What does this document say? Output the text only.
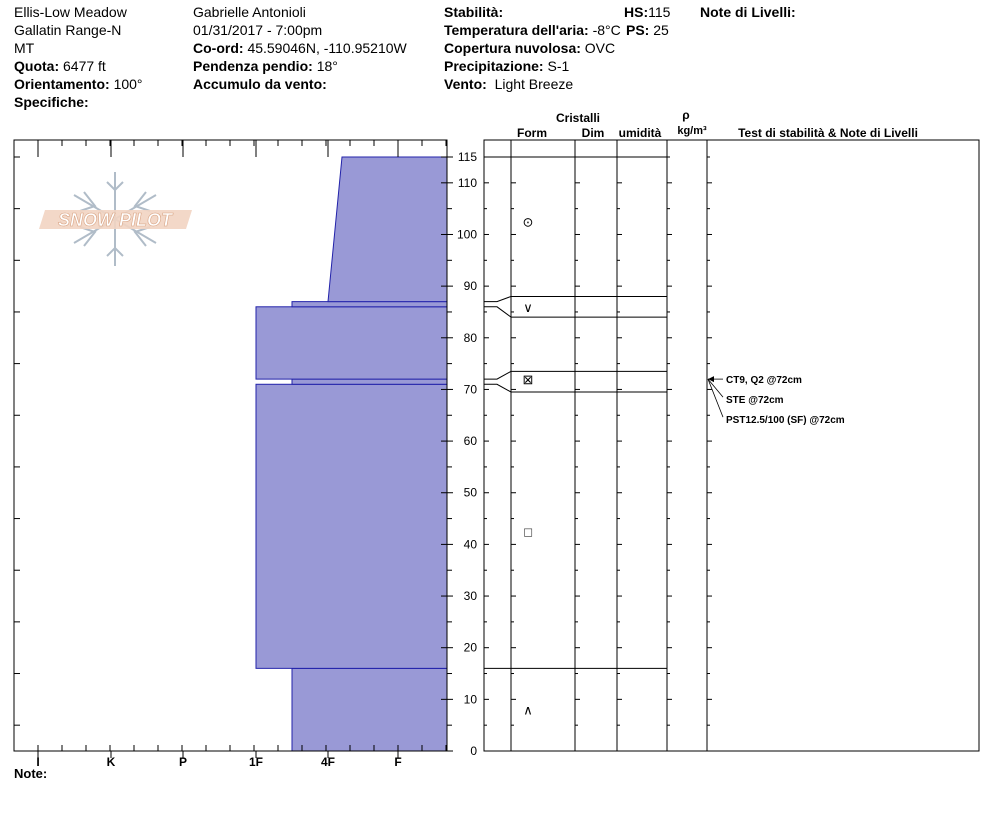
Ellis-Low Meadow
Gallatin Range-N
MT
Quota: 6477 ft
Orientamento: 100°
Specifiche:
Gabrielle Antonioli
01/31/2017 - 7:00pm
Co-ord: 45.59046N, -110.95210W
Pendenza pendio: 18°
Accumulo da vento:
Stabilità:
Temperatura dell'aria: -8°C
Copertura nuvolosa: OVC
Precipitazione: S-1
Vento: Light Breeze
HS:115
PS: 25
Note di Livelli:
SNOW PILOT
I	K	P	1F	4F	F
0
10
20
30
40
50
60
70
80
90
100
110
115
⊙
∨
⊠
□
∧
CT9, Q2 @72cm
STE @72cm
PST12.5/100 (SF) @72cm
Cristalli
Form	Dim umidità
ρ
kg/m³	Test di stabilità & Note di Livelli
Note:
